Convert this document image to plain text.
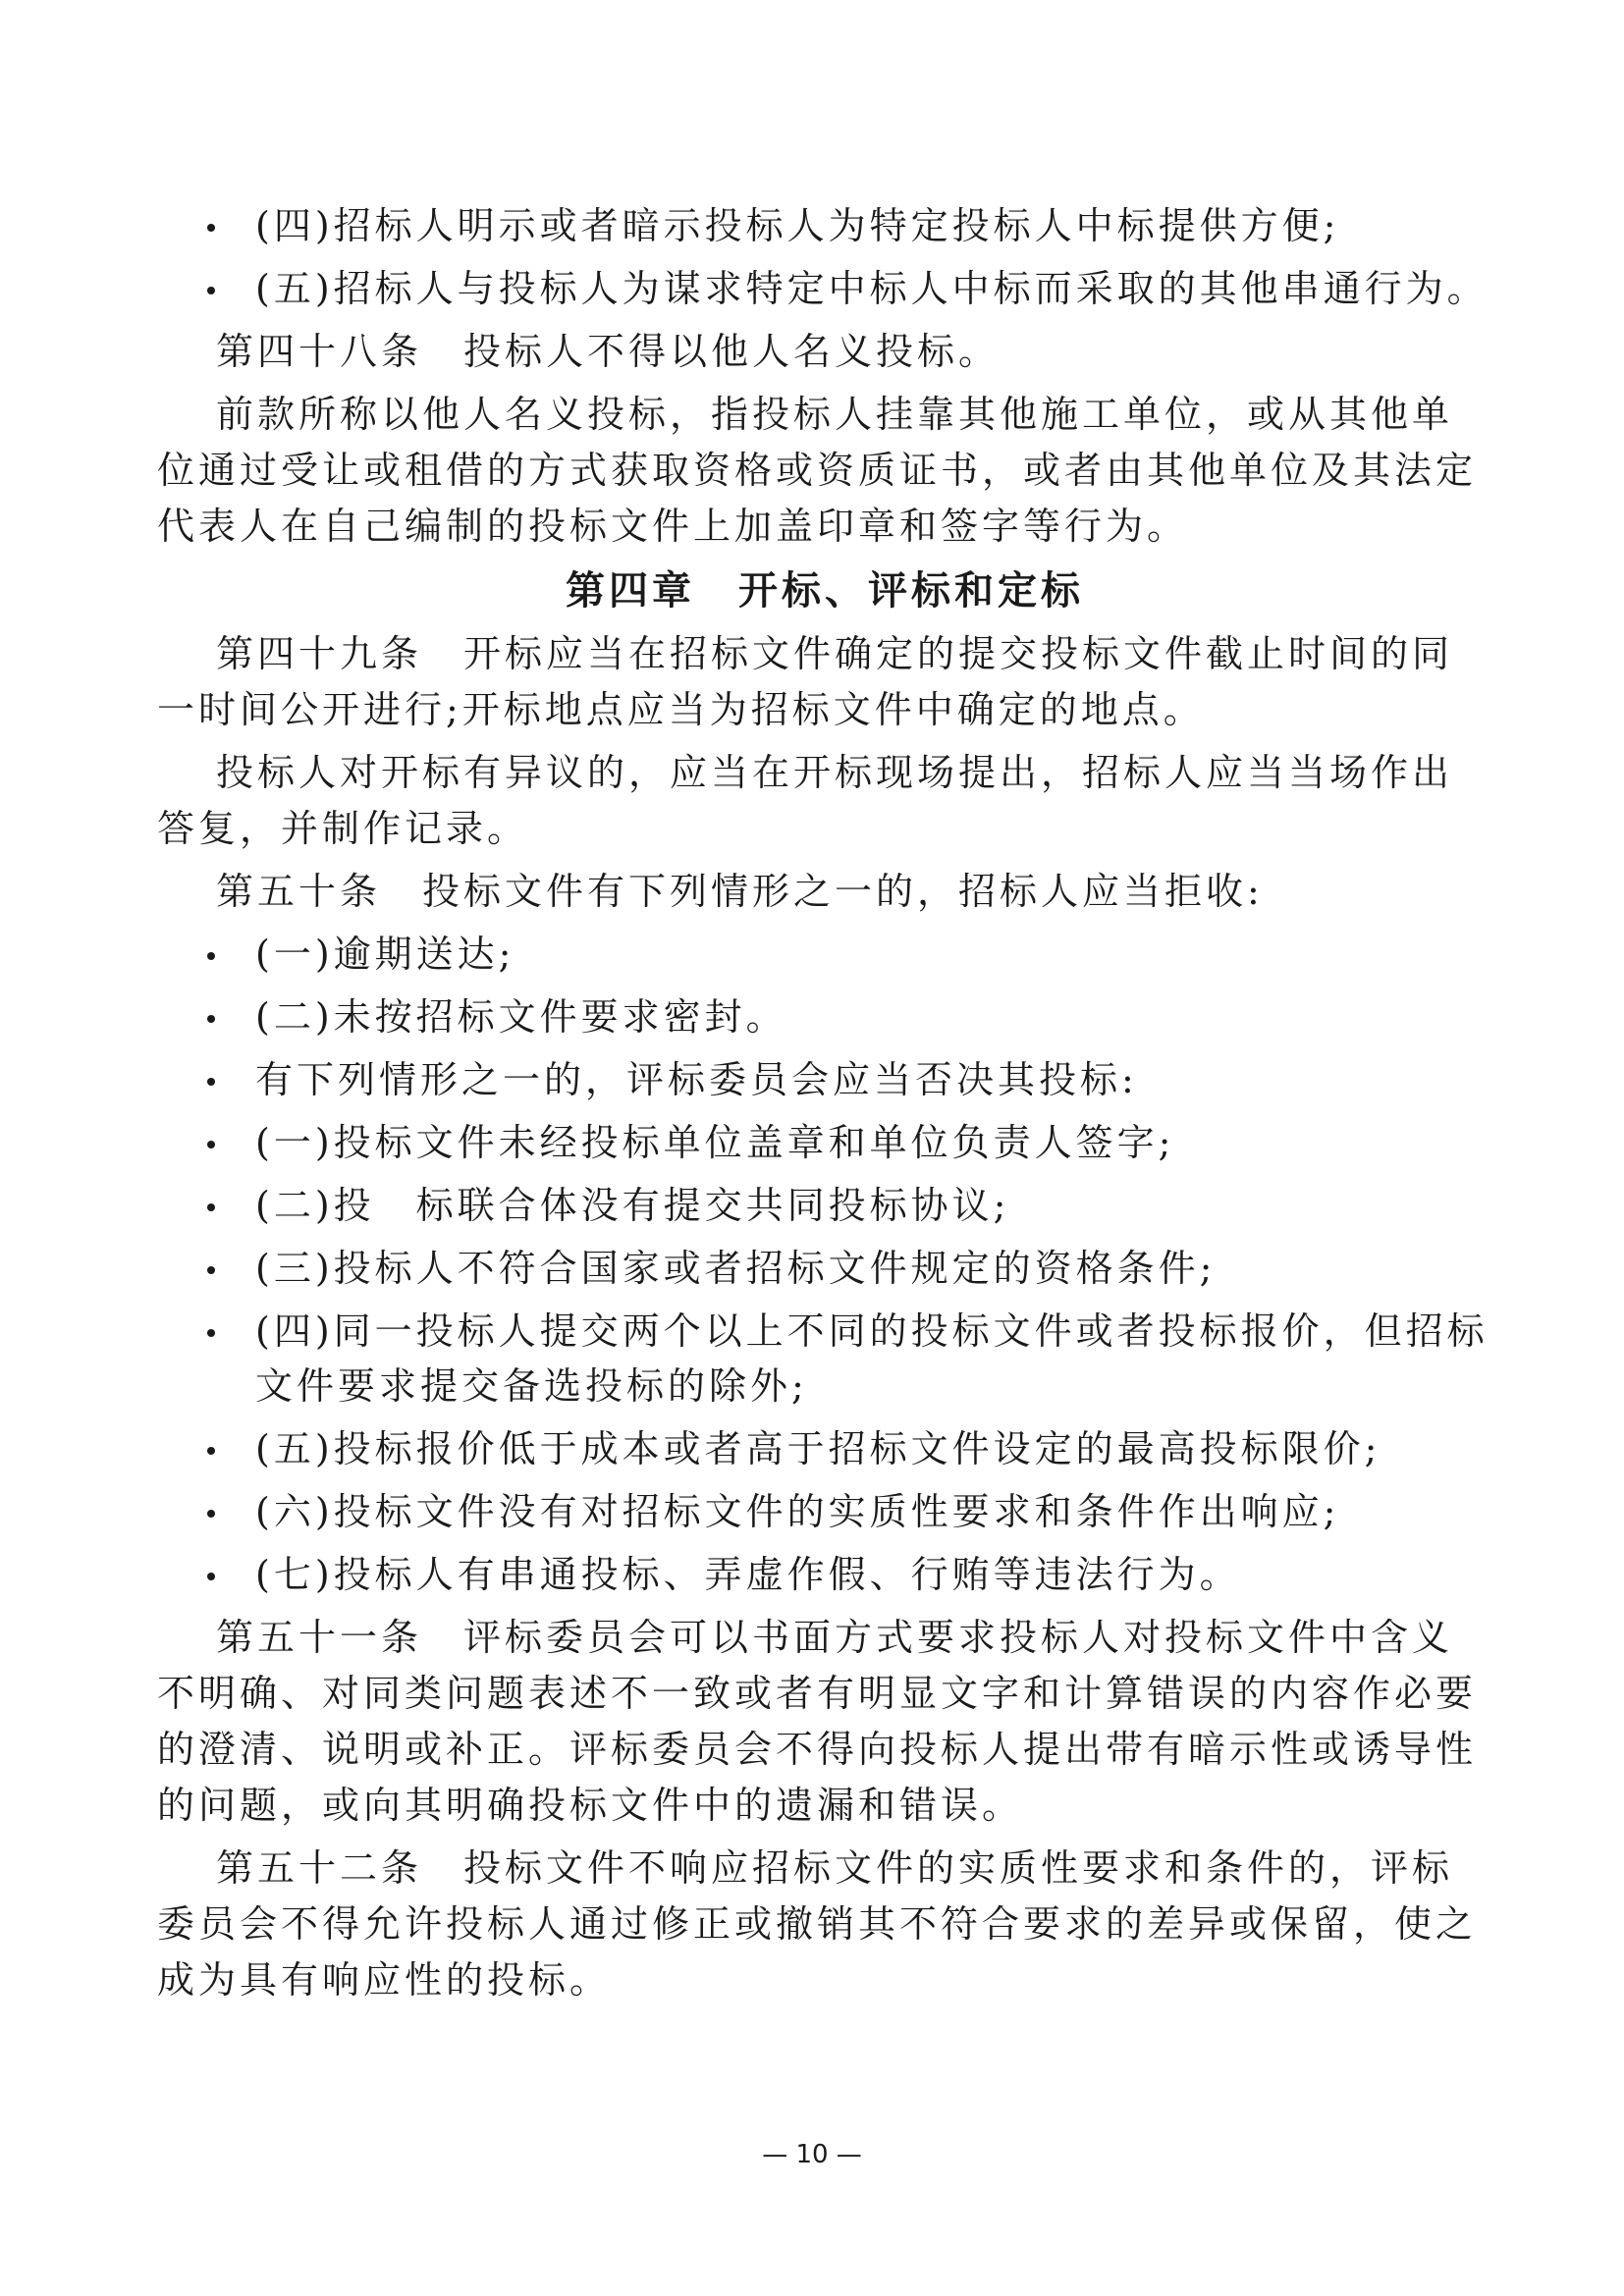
(四)招标人明示或者暗示投标人为特定投标人中标提供方便;
(五)招标人与投标人为谋求特定中标人中标而采取的其他串通行为。
第四十八条　投标人不得以他人名义投标。
前款所称以他人名义投标，指投标人挂靠其他施工单位，或从其他单位通过受让或租借的方式获取资格或资质证书，或者由其他单位及其法定代表人在自己编制的投标文件上加盖印章和签字等行为。
第四章　开标、评标和定标
第四十九条　开标应当在招标文件确定的提交投标文件截止时间的同一时间公开进行;开标地点应当为招标文件中确定的地点。
投标人对开标有异议的，应当在开标现场提出，招标人应当当场作出答复，并制作记录。
第五十条　投标文件有下列情形之一的，招标人应当拒收:
(一)逾期送达;
(二)未按招标文件要求密封。
有下列情形之一的，评标委员会应当否决其投标:
(一)投标文件未经投标单位盖章和单位负责人签字;
(二)投　标联合体没有提交共同投标协议;
(三)投标人不符合国家或者招标文件规定的资格条件;
(四)同一投标人提交两个以上不同的投标文件或者投标报价，但招标文件要求提交备选投标的除外;
(五)投标报价低于成本或者高于招标文件设定的最高投标限价;
(六)投标文件没有对招标文件的实质性要求和条件作出响应;
(七)投标人有串通投标、弄虚作假、行贿等违法行为。
第五十一条　评标委员会可以书面方式要求投标人对投标文件中含义不明确、对同类问题表述不一致或者有明显文字和计算错误的内容作必要的澄清、说明或补正。评标委员会不得向投标人提出带有暗示性或诱导性的问题，或向其明确投标文件中的遗漏和错误。
第五十二条　投标文件不响应招标文件的实质性要求和条件的，评标委员会不得允许投标人通过修正或撤销其不符合要求的差异或保留，使之成为具有响应性的投标。
— 10 —
